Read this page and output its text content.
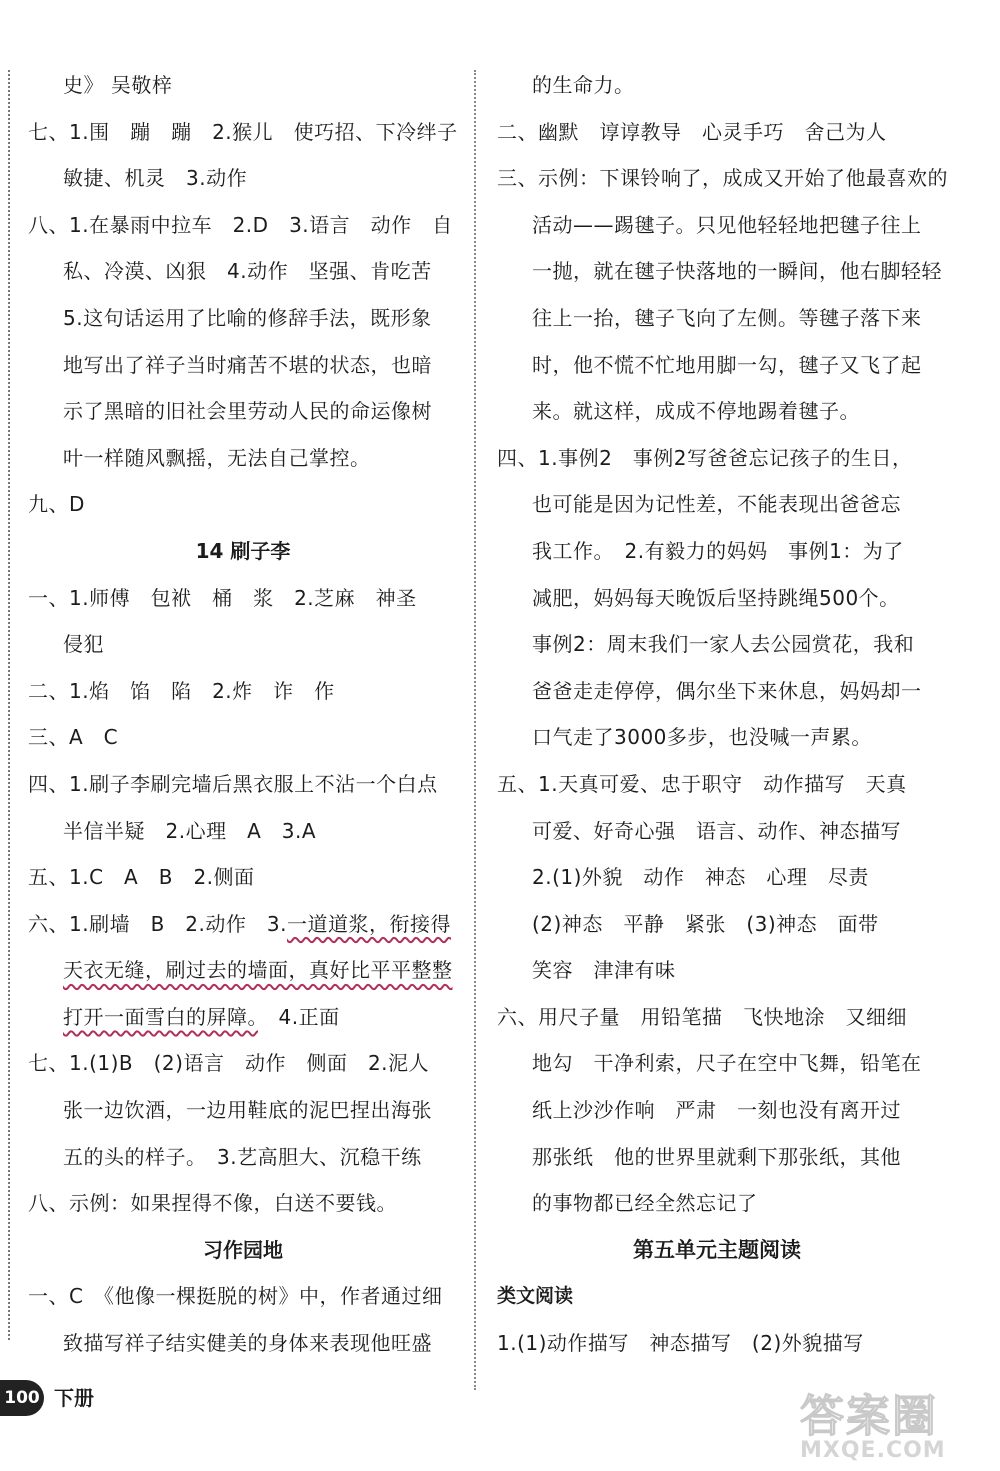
史》 吴敬梓
七、1.围　蹦　蹦　2.猴儿　使巧招、下冷绊子
敏捷、机灵　3.动作
八、1.在暴雨中拉车　2.D　3.语言　动作　自
私、冷漠、凶狠　4.动作　坚强、肯吃苦
5.这句话运用了比喻的修辞手法，既形象
地写出了祥子当时痛苦不堪的状态，也暗
示了黑暗的旧社会里劳动人民的命运像树
叶一样随风飘摇，无法自己掌控。
九、D
14 刷子李
一、1.师傅　包袱　桶　浆　2.芝麻　神圣
侵犯
二、1.焰　馅　陷　2.炸　诈　作
三、A　C
四、1.刷子李刷完墙后黑衣服上不沾一个白点
半信半疑　2.心理　A　3.A
五、1.C　A　B　2.侧面
六、1.刷墙　B　2.动作　3.一道道浆，衔接得
天衣无缝，刷过去的墙面，真好比平平整整
打开一面雪白的屏障。　4.正面
七、1.(1)B　(2)语言　动作　侧面　2.泥人
张一边饮酒，一边用鞋底的泥巴捏出海张
五的头的样子。　3.艺高胆大、沉稳干练
八、示例：如果捏得不像，白送不要钱。
习作园地
一、C　《他像一棵挺脱的树》中，作者通过细
致描写祥子结实健美的身体来表现他旺盛
的生命力。
二、幽默　谆谆教导　心灵手巧　舍己为人
三、示例：下课铃响了，成成又开始了他最喜欢的
活动——踢毽子。只见他轻轻地把毽子往上
一抛，就在毽子快落地的一瞬间，他右脚轻轻
往上一抬，毽子飞向了左侧。等毽子落下来
时，他不慌不忙地用脚一勾，毽子又飞了起
来。就这样，成成不停地踢着毽子。
四、1.事例2　事例2写爸爸忘记孩子的生日，
也可能是因为记性差，不能表现出爸爸忘
我工作。　2.有毅力的妈妈　事例1：为了
减肥，妈妈每天晚饭后坚持跳绳500个。
事例2：周末我们一家人去公园赏花，我和
爸爸走走停停，偶尔坐下来休息，妈妈却一
口气走了3000多步，也没喊一声累。
五、1.天真可爱、忠于职守　动作描写　天真
可爱、好奇心强　语言、动作、神态描写
2.(1)外貌　动作　神态　心理　尽责
(2)神态　平静　紧张　(3)神态　面带
笑容　津津有味
六、用尺子量　用铅笔描　飞快地涂　又细细
地勾　干净利索，尺子在空中飞舞，铅笔在
纸上沙沙作响　严肃　一刻也没有离开过
那张纸　他的世界里就剩下那张纸，其他
的事物都已经全然忘记了
第五单元主题阅读
类文阅读
1.(1)动作描写　神态描写　(2)外貌描写
100 下册	答案圈
MXQE.COM
